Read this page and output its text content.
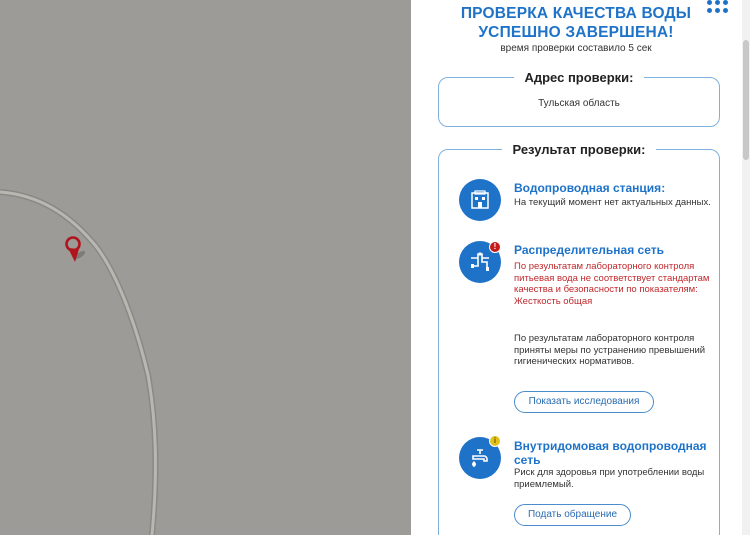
ПРОВЕРКА КАЧЕСТВА ВОДЫ
УСПЕШНО ЗАВЕРШЕНА!
время проверки составило 5 сек
Адрес проверки:
Тульская область
Результат проверки:
Водопроводная станция:
На текущий момент нет актуальных данных.
!	Распределительная сеть
По результатам лабораторного контроля питьевая вода не соответствует стандартам качества и безопасности по показателям: Жесткость общая
По результатам лабораторного контроля приняты меры по устранению превышений гигиенических нормативов.
Показать исследования
i	Внутридомовая водопроводная сеть
Риск для здоровья при употреблении воды приемлемый.
Подать обращение
